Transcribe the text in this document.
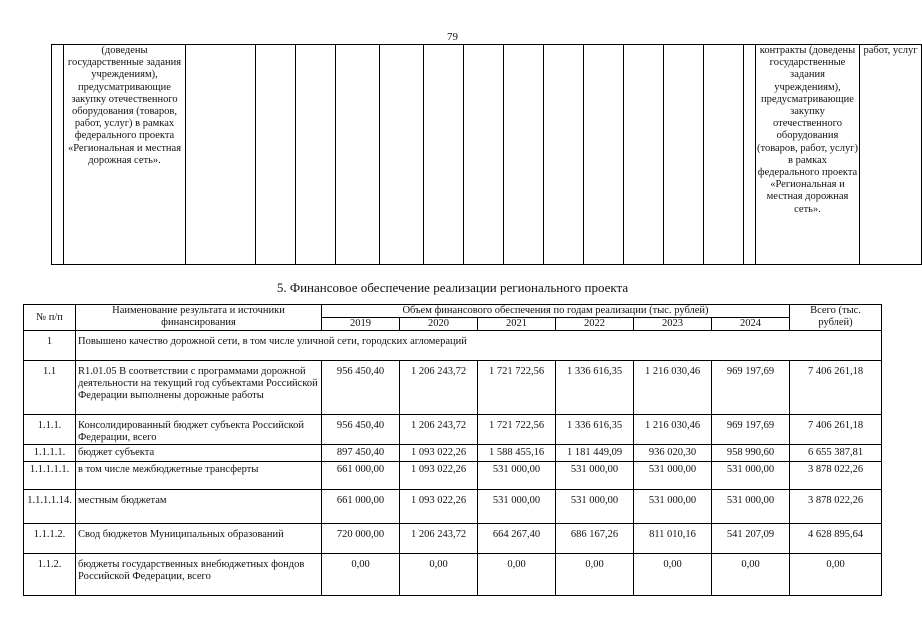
79
	(доведены государственные задания учреждениям), предусматривающие закупку отечественного оборудования (товаров, работ, услуг) в рамках федерального проекта «Региональная и местная дорожная сеть».															контракты (доведены государственные задания учреждениям), предусматривающие закупку отечественного оборудования (товаров, работ, услуг) в рамках федерального проекта «Региональная и местная дорожная сеть».	работ, услуг
5. Финансовое обеспечение реализации регионального проекта
№ п/п	Наименование результата и источники финансирования	Объем финансового обеспечения по годам реализации (тыс. рублей)						Всего (тыс. рублей)
		2019	2020	2021	2022	2023	2024	
1	Повышено качество дорожной сети, в том числе уличной сети, городских агломераций							
1.1	R1.01.05 В соответствии с программами дорожной деятельности на текущий год субъектами Российской Федерации выполнены дорожные работы	956 450,40	1 206 243,72	1 721 722,56	1 336 616,35	1 216 030,46	969 197,69	7 406 261,18
1.1.1.	Консолидированный бюджет субъекта Российской Федерации, всего	956 450,40	1 206 243,72	1 721 722,56	1 336 616,35	1 216 030,46	969 197,69	7 406 261,18
1.1.1.1.	бюджет субъекта	897 450,40	1 093 022,26	1 588 455,16	1 181 449,09	936 020,30	958 990,60	6 655 387,81
1.1.1.1.1.	в том числе межбюджетные трансферты	661 000,00	1 093 022,26	531 000,00	531 000,00	531 000,00	531 000,00	3 878 022,26
1.1.1.1.14.	местным бюджетам	661 000,00	1 093 022,26	531 000,00	531 000,00	531 000,00	531 000,00	3 878 022,26
1.1.1.2.	Свод бюджетов Муниципальных образований	720 000,00	1 206 243,72	664 267,40	686 167,26	811 010,16	541 207,09	4 628 895,64
1.1.2.	бюджеты государственных внебюджетных фондов Российской Федерации, всего	0,00	0,00	0,00	0,00	0,00	0,00	0,00
